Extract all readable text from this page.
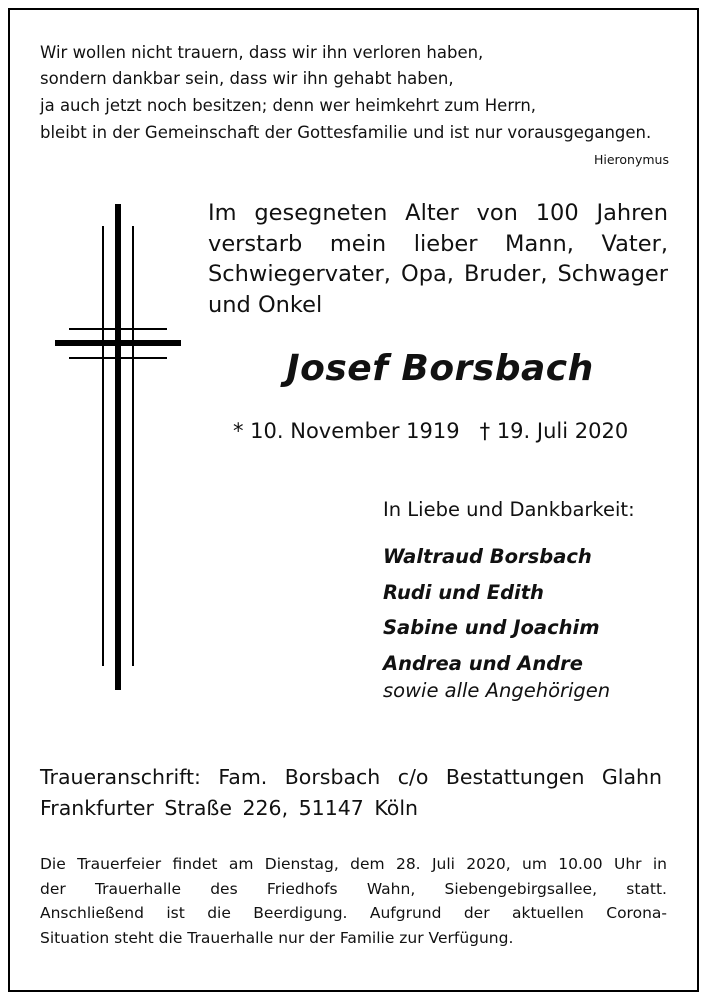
Wir wollen nicht trauern, dass wir ihn verloren haben,

sondern dankbar sein, dass wir ihn gehabt haben,

ja auch jetzt noch besitzen; denn wer heimkehrt zum Herrn,

bleibt in der Gemeinschaft der Gottesfamilie und ist nur vorausgegangen.

Hieronymus

Im gesegneten Alter von 100 Jahren verstarb mein lieber Mann, Vater, Schwiegervater, Opa, Bruder, Schwager und Onkel

Josef Borsbach

* 10. November 1919   † 19. Juli 2020

In Liebe und Dankbarkeit:

Waltraud Borsbach
Rudi und Edith
Sabine und Joachim
Andrea und Andre

sowie alle Angehörigen

Traueranschrift: Fam. Borsbach c/o Bestattungen Glahn

Frankfurter Straße 226, 51147 Köln

Die Trauerfeier findet am Dienstag, dem 28. Juli 2020, um 10.00 Uhr in
der Trauerhalle des Friedhofs Wahn, Siebengebirgsallee, statt.
Anschließend ist die Beerdigung. Aufgrund der aktuellen Corona-
Situation steht die Trauerhalle nur der Familie zur Verfügung.
